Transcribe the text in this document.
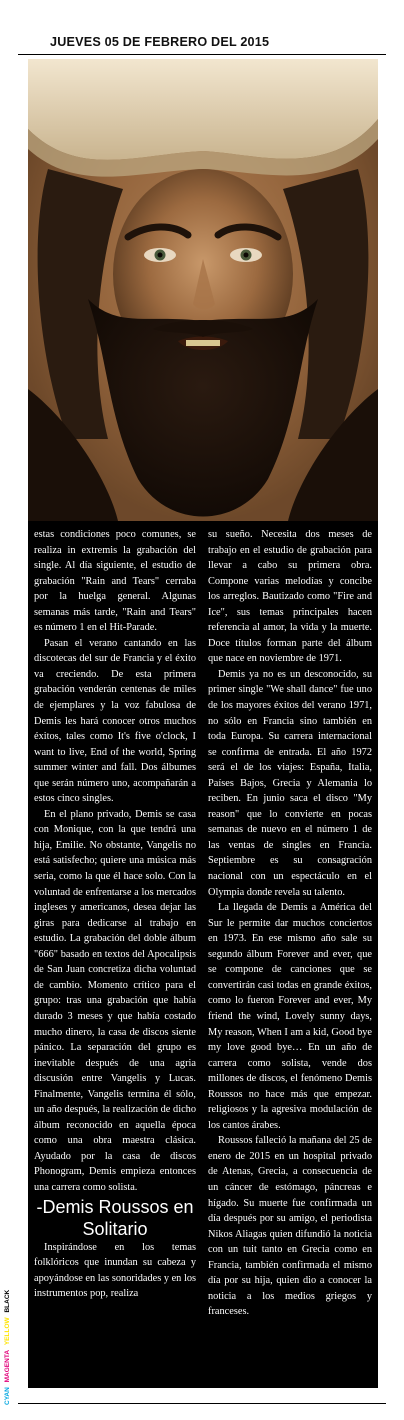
JUEVES 05 DE FEBRERO DEL 2015

estas condiciones poco comunes, se realiza in extremis la grabación del single. Al día siguiente, el estudio de grabación "Rain and Tears" cerraba por la huelga general. Algunas semanas más tarde, "Rain and Tears" es número 1 en el Hit-Parade.

Pasan el verano cantando en las discotecas del sur de Francia y el éxito va creciendo. De esta primera grabación venderán centenas de miles de ejemplares y la voz fabulosa de Demis les hará conocer otros muchos éxitos, tales como It's five o'clock, I want to live, End of the world, Spring summer winter and fall. Dos álbumes que serán número uno, acompañarán a estos cinco singles.

En el plano privado, Demis se casa con Monique, con la que tendrá una hija, Emilie. No obstante, Vangelis no está satisfecho; quiere una música más seria, como la que él hace solo. Con la voluntad de enfrentarse a los mercados ingleses y americanos, desea dejar las giras para dedicarse al trabajo en estudio. La grabación del doble álbum "666" basado en textos del Apocalipsis de San Juan concretiza dicha voluntad de cambio. Momento crítico para el grupo: tras una grabación que había durado 3 meses y que había costado mucho dinero, la casa de discos siente pánico. La separación del grupo es inevitable después de una agria discusión entre Vangelis y Lucas. Finalmente, Vangelis termina él sólo, un año después, la realización de dicho álbum reconocido en aquella época como una obra maestra clásica. Ayudado por la casa de discos Phonogram, Demis empieza entonces una carrera como solista.

-Demis Roussos en Solitario

Inspirándose en los temas folklóricos que inundan su cabeza y apoyándose en las sonoridades y en los instrumentos pop, realiza

su sueño. Necesita dos meses de trabajo en el estudio de grabación para llevar a cabo su primera obra. Compone varias melodías y concibe los arreglos. Bautizado como "Fire and Ice", sus temas principales hacen referencia al amor, la vida y la muerte. Doce títulos forman parte del álbum que nace en noviembre de 1971.

Demis ya no es un desconocido, su primer single "We shall dance" fue uno de los mayores éxitos del verano 1971, no sólo en Francia sino también en toda Europa. Su carrera internacional se confirma de entrada. El año 1972 será el de los viajes: España, Italia, Países Bajos, Grecia y Alemania lo reciben. En junio saca el disco "My reason" que lo convierte en pocas semanas de nuevo en el número 1 de las ventas de singles en Francia. Septiembre es su consagración nacional con un espectáculo en el Olympia donde revela su talento.

La llegada de Demis a América del Sur le permite dar muchos conciertos en 1973. En ese mismo año sale su segundo álbum Forever and ever, que se compone de canciones que se convertirán casi todas en grande éxitos, como lo fueron Forever and ever, My friend the wind, Lovely sunny days, My reason, When I am a kid, Good bye my love good bye… En un año de carrera como solista, vende dos millones de discos, el fenómeno Demis Roussos no hace más que empezar. religiosos y la agresiva modulación de los cantos árabes.

Roussos falleció la mañana del 25 de enero de 2015 en un hospital privado de Atenas, Grecia, a consecuencia de un cáncer de estómago, páncreas e hígado. Su muerte fue confirmada un día después por su amigo, el periodista Nikos Aliagas quien difundió la noticia con un tuit tanto en Grecia como en Francia, también confirmada el mismo día por su hija, quien dio a conocer la noticia a los medios griegos y franceses.

CYAN MAGENTA YELLOW BLACK
